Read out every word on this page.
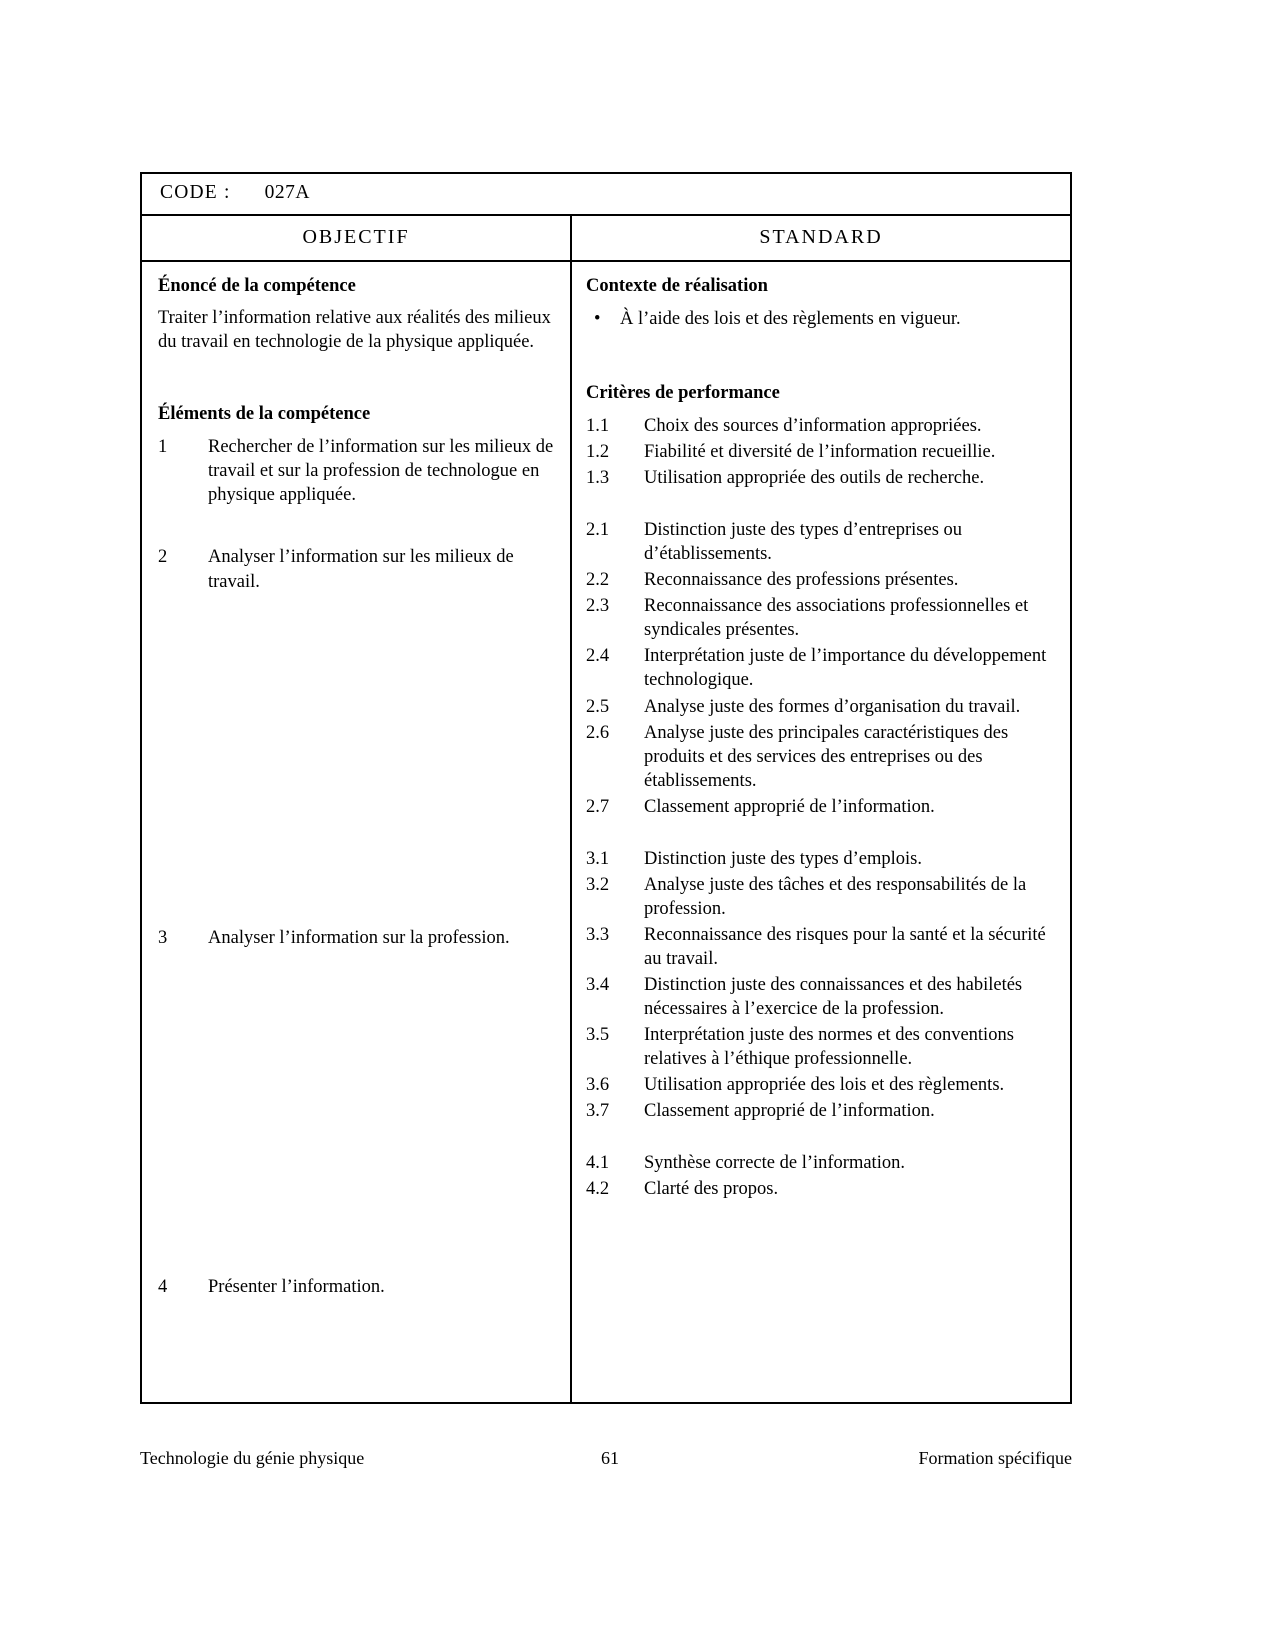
CODE : 027A
OBJECTIF	STANDARD
Énoncé de la compétence

Traiter l’information relative aux réalités des milieux du travail en technologie de la physique appliquée.

Éléments de la compétence
1	Rechercher de l’information sur les milieux de travail et sur la profession de technologue en physique appliquée.
2	Analyser l’information sur les milieux de travail.
3	Analyser l’information sur la profession.
4	Présenter l’information.
Contexte de réalisation
•	À l’aide des lois et des règlements en vigueur.
Critères de performance
1.1	Choix des sources d’information appropriées.
1.2	Fiabilité et diversité de l’information recueillie.
1.3	Utilisation appropriée des outils de recherche.
2.1	Distinction juste des types d’entreprises ou d’établissements.
2.2	Reconnaissance des professions présentes.
2.3	Reconnaissance des associations professionnelles et syndicales présentes.
2.4	Interprétation juste de l’importance du développement technologique.
2.5	Analyse juste des formes d’organisation du travail.
2.6	Analyse juste des principales caractéristiques des produits et des services des entreprises ou des établissements.
2.7	Classement approprié de l’information.
3.1	Distinction juste des types d’emplois.
3.2	Analyse juste des tâches et des responsabilités de la profession.
3.3	Reconnaissance des risques pour la santé et la sécurité au travail.
3.4	Distinction juste des connaissances et des habiletés nécessaires à l’exercice de la profession.
3.5	Interprétation juste des normes et des conventions relatives à l’éthique professionnelle.
3.6	Utilisation appropriée des lois et des règlements.
3.7	Classement approprié de l’information.
4.1	Synthèse correcte de l’information.
4.2	Clarté des propos.
Technologie du génie physique	61	Formation spécifique
